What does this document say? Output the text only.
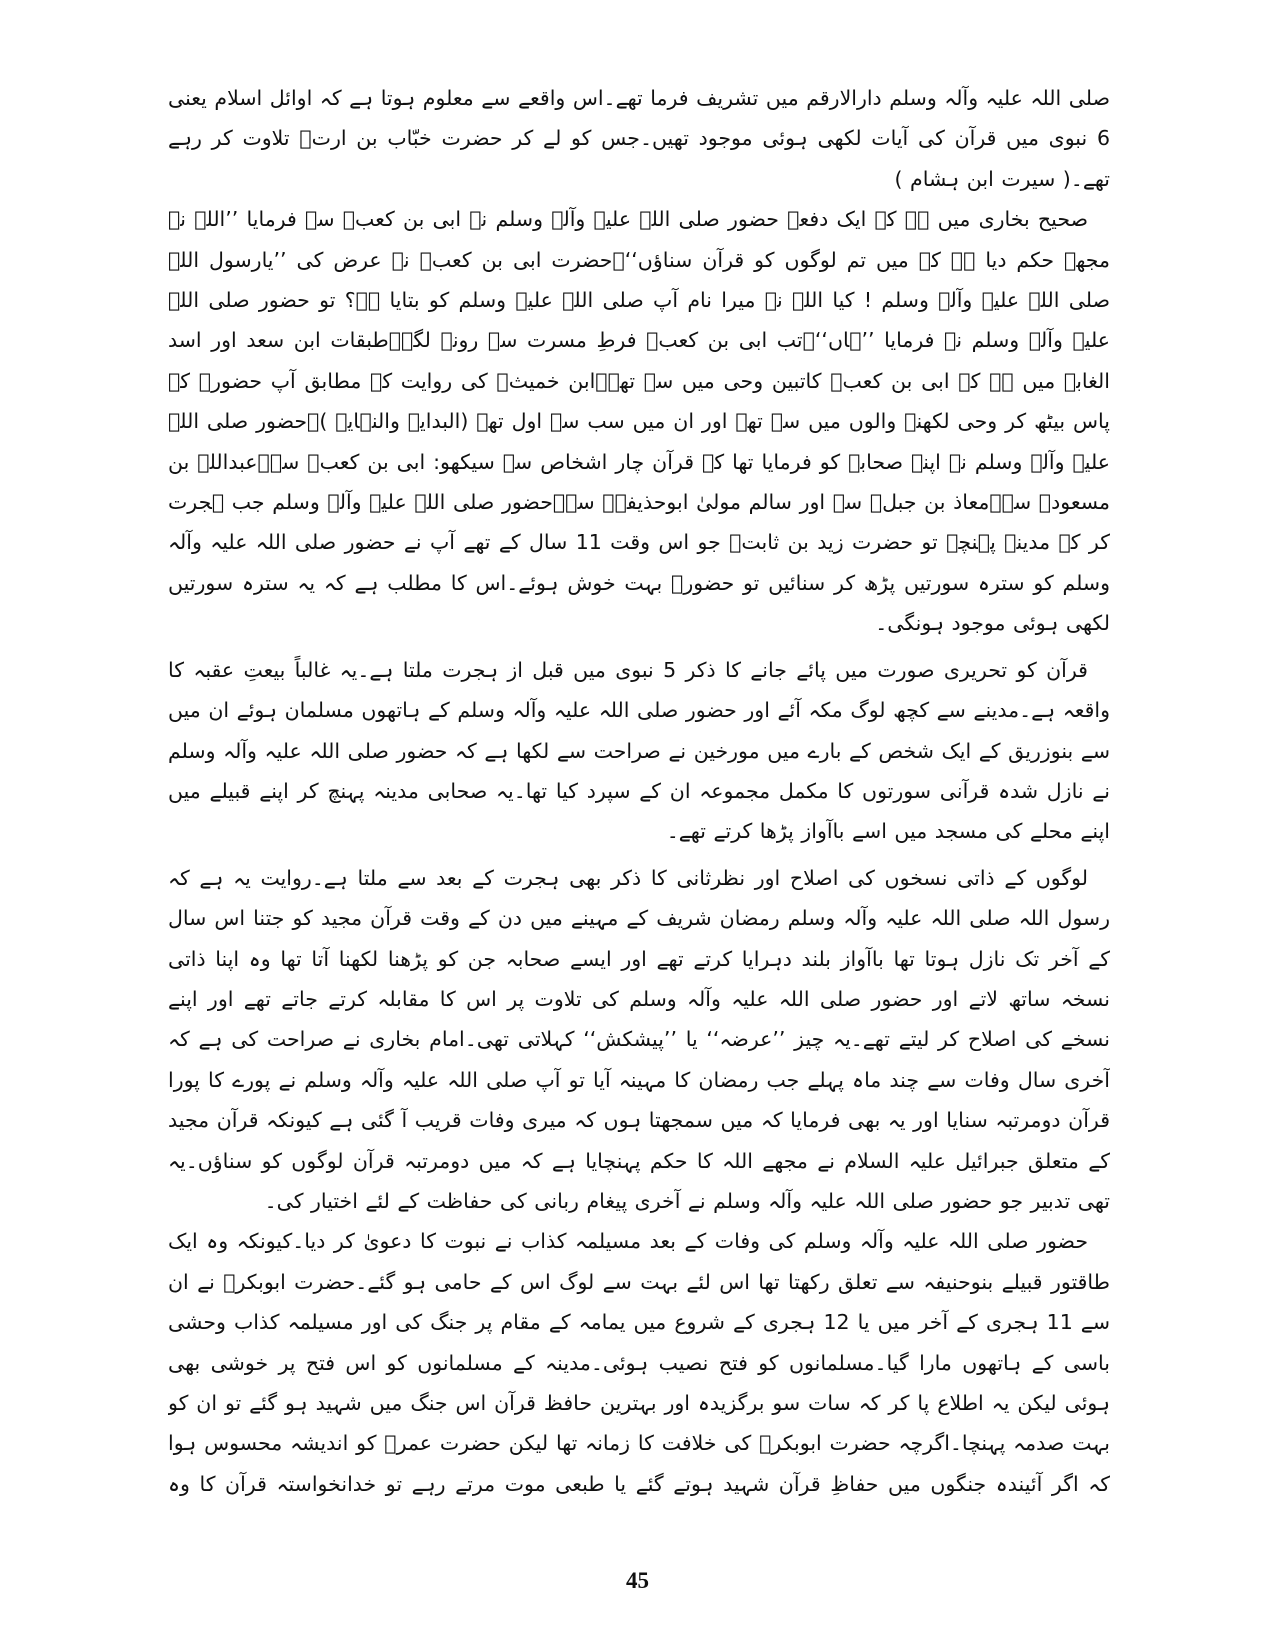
صلی اللہ علیہ وآلہ وسلم دارالارقم میں تشریف فرما تھے۔اس واقعے سے معلوم ہوتا ہے کہ اوائل اسلام یعنی 6 نبوی میں قرآن کی آیات لکھی ہوئی موجود تھیں۔جس کو لے کر حضرت خبّاب بن ارتؓ تلاوت کر رہے تھے۔( سیرت ابن ہشام )

صحیح بخاری میں ہے کہ ایک دفعہ حضور صلی اللہ علیہ وآلہ وسلم نے ابی بن کعبؓ سے فرمایا ’’اللہ نے مجھے حکم دیا ہے کہ میں تم لوگوں کو قرآن سناؤں‘‘۔حضرت ابی بن کعبؓ نے عرض کی ’’یارسول اللہ صلی اللہ علیہ وآلہ وسلم ! کیا اللہ نے میرا نام آپ صلی اللہ علیہ وسلم کو بتایا ہے؟ تو حضور صلی اللہ علیہ وآلہ وسلم نے فرمایا ’’ہاں‘‘۔تب ابی بن کعبؓ فرطِ مسرت سے رونے لگے۔طبقات ابن سعد اور اسد الغابہ میں ہے کہ ابی بن کعبؓ کاتبین وحی میں سے تھے۔ابن خمیثؒ کی روایت کے مطابق آپ حضورؐ کے پاس بیٹھ کر وحی لکھنے والوں میں سے تھے اور ان میں سب سے اول تھے (البدایہ والنہایہ )۔حضور صلی اللہ علیہ وآلہ وسلم نے اپنے صحابہ کو فرمایا تھا کہ قرآن چار اشخاص سے سیکھو: ابی بن کعبؓ سے۔عبداللہ بن مسعودؓ سے۔معاذ بن جبلؓ سے اور سالم مولیٰ ابوحذیفہؓ سے۔حضور صلی اللہ علیہ وآلہ وسلم جب ہجرت کر کے مدینہ پہنچے تو حضرت زید بن ثابتؓ جو اس وقت 11 سال کے تھے آپ نے حضور صلی اللہ علیہ وآلہ وسلم کو سترہ سورتیں پڑھ کر سنائیں تو حضورؐ بہت خوش ہوئے۔اس کا مطلب ہے کہ یہ سترہ سورتیں لکھی ہوئی موجود ہونگی۔

قرآن کو تحریری صورت میں پائے جانے کا ذکر 5 نبوی میں قبل از ہجرت ملتا ہے۔یہ غالباً بیعتِ عقبہ کا واقعہ ہے۔مدینے سے کچھ لوگ مکہ آئے اور حضور صلی اللہ علیہ وآلہ وسلم کے ہاتھوں مسلمان ہوئے ان میں سے بنوزریق کے ایک شخص کے بارے میں مورخین نے صراحت سے لکھا ہے کہ حضور صلی اللہ علیہ وآلہ وسلم نے نازل شدہ قرآنی سورتوں کا مکمل مجموعہ ان کے سپرد کیا تھا۔یہ صحابی مدینہ پہنچ کر اپنے قبیلے میں اپنے محلے کی مسجد میں اسے باآواز پڑھا کرتے تھے۔

لوگوں کے ذاتی نسخوں کی اصلاح اور نظرثانی کا ذکر بھی ہجرت کے بعد سے ملتا ہے۔روایت یہ ہے کہ رسول اللہ صلی اللہ علیہ وآلہ وسلم رمضان شریف کے مہینے میں دن کے وقت قرآن مجید کو جتنا اس سال کے آخر تک نازل ہوتا تھا باآواز بلند دہرایا کرتے تھے اور ایسے صحابہ جن کو پڑھنا لکھنا آتا تھا وہ اپنا ذاتی نسخہ ساتھ لاتے اور حضور صلی اللہ علیہ وآلہ وسلم کی تلاوت پر اس کا مقابلہ کرتے جاتے تھے اور اپنے نسخے کی اصلاح کر لیتے تھے۔یہ چیز ’’عرضہ‘‘ یا ’’پیشکش‘‘ کہلاتی تھی۔امام بخاری نے صراحت کی ہے کہ آخری سال وفات سے چند ماہ پہلے جب رمضان کا مہینہ آیا تو آپ صلی اللہ علیہ وآلہ وسلم نے پورے کا پورا قرآن دومرتبہ سنایا اور یہ بھی فرمایا کہ میں سمجھتا ہوں کہ میری وفات قریب آ گئی ہے کیونکہ قرآن مجید کے متعلق جبرائیل علیہ السلام نے مجھے اللہ کا حکم پہنچایا ہے کہ میں دومرتبہ قرآن لوگوں کو سناؤں۔یہ تھی تدبیر جو حضور صلی اللہ علیہ وآلہ وسلم نے آخری پیغام ربانی کی حفاظت کے لئے اختیار کی۔

حضور صلی اللہ علیہ وآلہ وسلم کی وفات کے بعد مسیلمہ کذاب نے نبوت کا دعویٰ کر دیا۔کیونکہ وہ ایک طاقتور قبیلے بنوحنیفہ سے تعلق رکھتا تھا اس لئے بہت سے لوگ اس کے حامی ہو گئے۔حضرت ابوبکرؓ نے ان سے 11 ہجری کے آخر میں یا 12 ہجری کے شروع میں یمامہ کے مقام پر جنگ کی اور مسیلمہ کذاب وحشی باسی کے ہاتھوں مارا گیا۔مسلمانوں کو فتح نصیب ہوئی۔مدینہ کے مسلمانوں کو اس فتح پر خوشی بھی ہوئی لیکن یہ اطلاع پا کر کہ سات سو برگزیدہ اور بہترین حافظ قرآن اس جنگ میں شہید ہو گئے تو ان کو بہت صدمہ پہنچا۔اگرچہ حضرت ابوبکرؓ کی خلافت کا زمانہ تھا لیکن حضرت عمرؓ کو اندیشہ محسوس ہوا کہ اگر آئیندہ جنگوں میں حفاظِ قرآن شہید ہوتے گئے یا طبعی موت مرتے رہے تو خدانخواستہ قرآن کا وہ

45
